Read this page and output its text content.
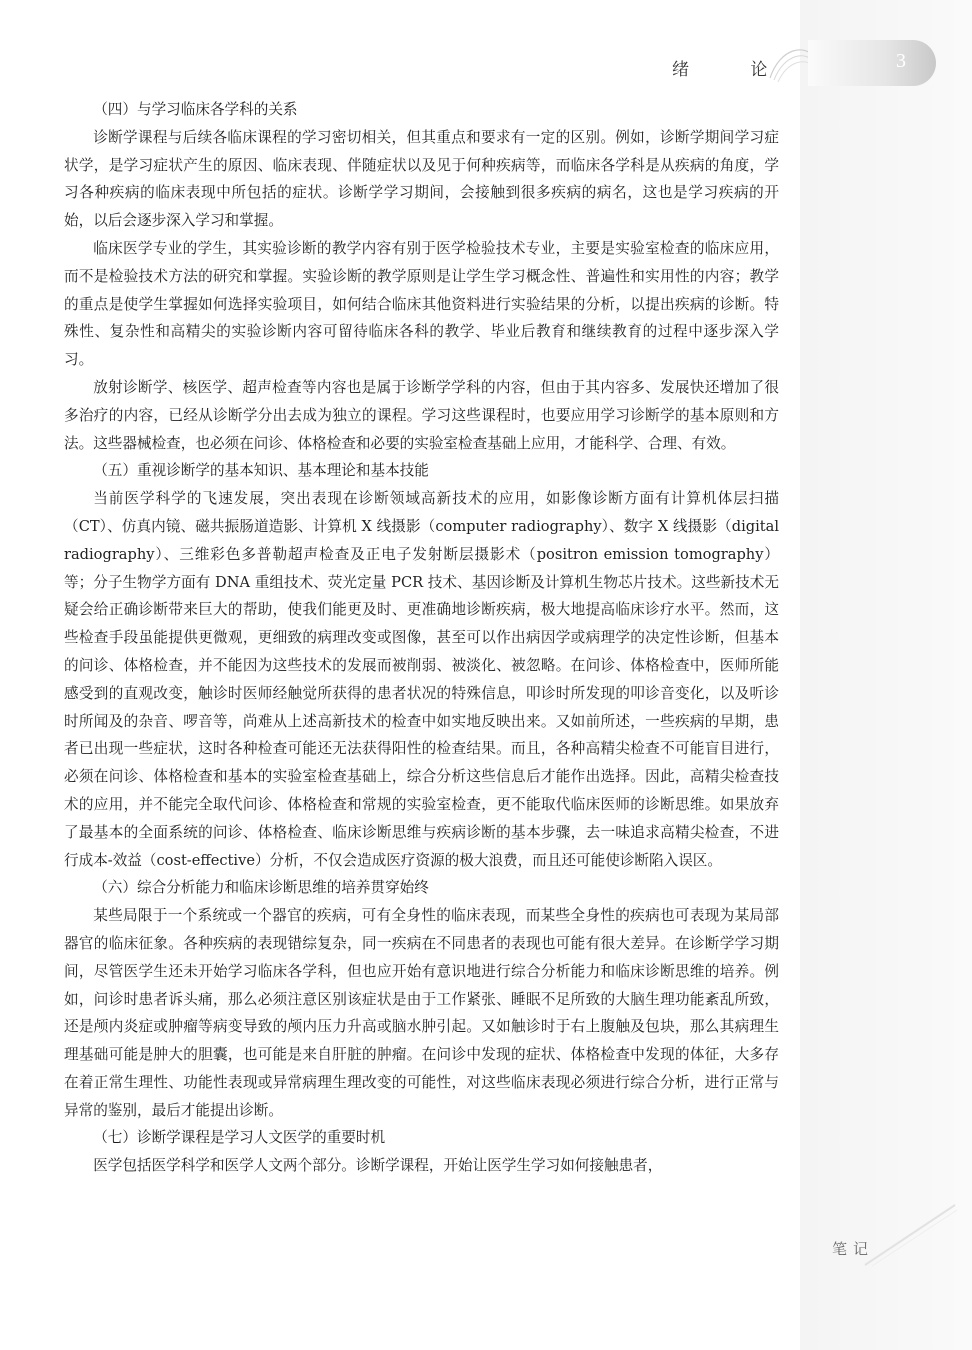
绪 论	3
（四）与学习临床各学科的关系

诊断学课程与后续各临床课程的学习密切相关，但其重点和要求有一定的区别。例如，诊断学期间学习症状学，是学习症状产生的原因、临床表现、伴随症状以及见于何种疾病等，而临床各学科是从疾病的角度，学习各种疾病的临床表现中所包括的症状。诊断学学习期间，会接触到很多疾病的病名，这也是学习疾病的开始，以后会逐步深入学习和掌握。

临床医学专业的学生，其实验诊断的教学内容有别于医学检验技术专业，主要是实验室检查的临床应用，而不是检验技术方法的研究和掌握。实验诊断的教学原则是让学生学习概念性、普遍性和实用性的内容；教学的重点是使学生掌握如何选择实验项目，如何结合临床其他资料进行实验结果的分析，以提出疾病的诊断。特殊性、复杂性和高精尖的实验诊断内容可留待临床各科的教学、毕业后教育和继续教育的过程中逐步深入学习。

放射诊断学、核医学、超声检查等内容也是属于诊断学学科的内容，但由于其内容多、发展快还增加了很多治疗的内容，已经从诊断学分出去成为独立的课程。学习这些课程时，也要应用学习诊断学的基本原则和方法。这些器械检查，也必须在问诊、体格检查和必要的实验室检查基础上应用，才能科学、合理、有效。

（五）重视诊断学的基本知识、基本理论和基本技能

当前医学科学的飞速发展，突出表现在诊断领域高新技术的应用，如影像诊断方面有计算机体层扫描（CT）、仿真内镜、磁共振肠道造影、计算机 X 线摄影（computer radiography）、数字 X 线摄影（digital radiography）、三维彩色多普勒超声检查及正电子发射断层摄影术（positron emission tomography）等；分子生物学方面有 DNA 重组技术、荧光定量 PCR 技术、基因诊断及计算机生物芯片技术。这些新技术无疑会给正确诊断带来巨大的帮助，使我们能更及时、更准确地诊断疾病，极大地提高临床诊疗水平。然而，这些检查手段虽能提供更微观，更细致的病理改变或图像，甚至可以作出病因学或病理学的决定性诊断，但基本的问诊、体格检查，并不能因为这些技术的发展而被削弱、被淡化、被忽略。在问诊、体格检查中，医师所能感受到的直观改变，触诊时医师经触觉所获得的患者状况的特殊信息，叩诊时所发现的叩诊音变化，以及听诊时所闻及的杂音、啰音等，尚难从上述高新技术的检查中如实地反映出来。又如前所述，一些疾病的早期，患者已出现一些症状，这时各种检查可能还无法获得阳性的检查结果。而且，各种高精尖检查不可能盲目进行，必须在问诊、体格检查和基本的实验室检查基础上，综合分析这些信息后才能作出选择。因此，高精尖检查技术的应用，并不能完全取代问诊、体格检查和常规的实验室检查，更不能取代临床医师的诊断思维。如果放弃了最基本的全面系统的问诊、体格检查、临床诊断思维与疾病诊断的基本步骤，去一味追求高精尖检查，不进行成本-效益（cost-effective）分析，不仅会造成医疗资源的极大浪费，而且还可能使诊断陷入误区。

（六）综合分析能力和临床诊断思维的培养贯穿始终

某些局限于一个系统或一个器官的疾病，可有全身性的临床表现，而某些全身性的疾病也可表现为某局部器官的临床征象。各种疾病的表现错综复杂，同一疾病在不同患者的表现也可能有很大差异。在诊断学学习期间，尽管医学生还未开始学习临床各学科，但也应开始有意识地进行综合分析能力和临床诊断思维的培养。例如，问诊时患者诉头痛，那么必须注意区别该症状是由于工作紧张、睡眠不足所致的大脑生理功能紊乱所致，还是颅内炎症或肿瘤等病变导致的颅内压力升高或脑水肿引起。又如触诊时于右上腹触及包块，那么其病理生理基础可能是肿大的胆囊，也可能是来自肝脏的肿瘤。在问诊中发现的症状、体格检查中发现的体征，大多存在着正常生理性、功能性表现或异常病理生理改变的可能性，对这些临床表现必须进行综合分析，进行正常与异常的鉴别，最后才能提出诊断。

（七）诊断学课程是学习人文医学的重要时机

医学包括医学科学和医学人文两个部分。诊断学课程，开始让医学生学习如何接触患者，

笔记
